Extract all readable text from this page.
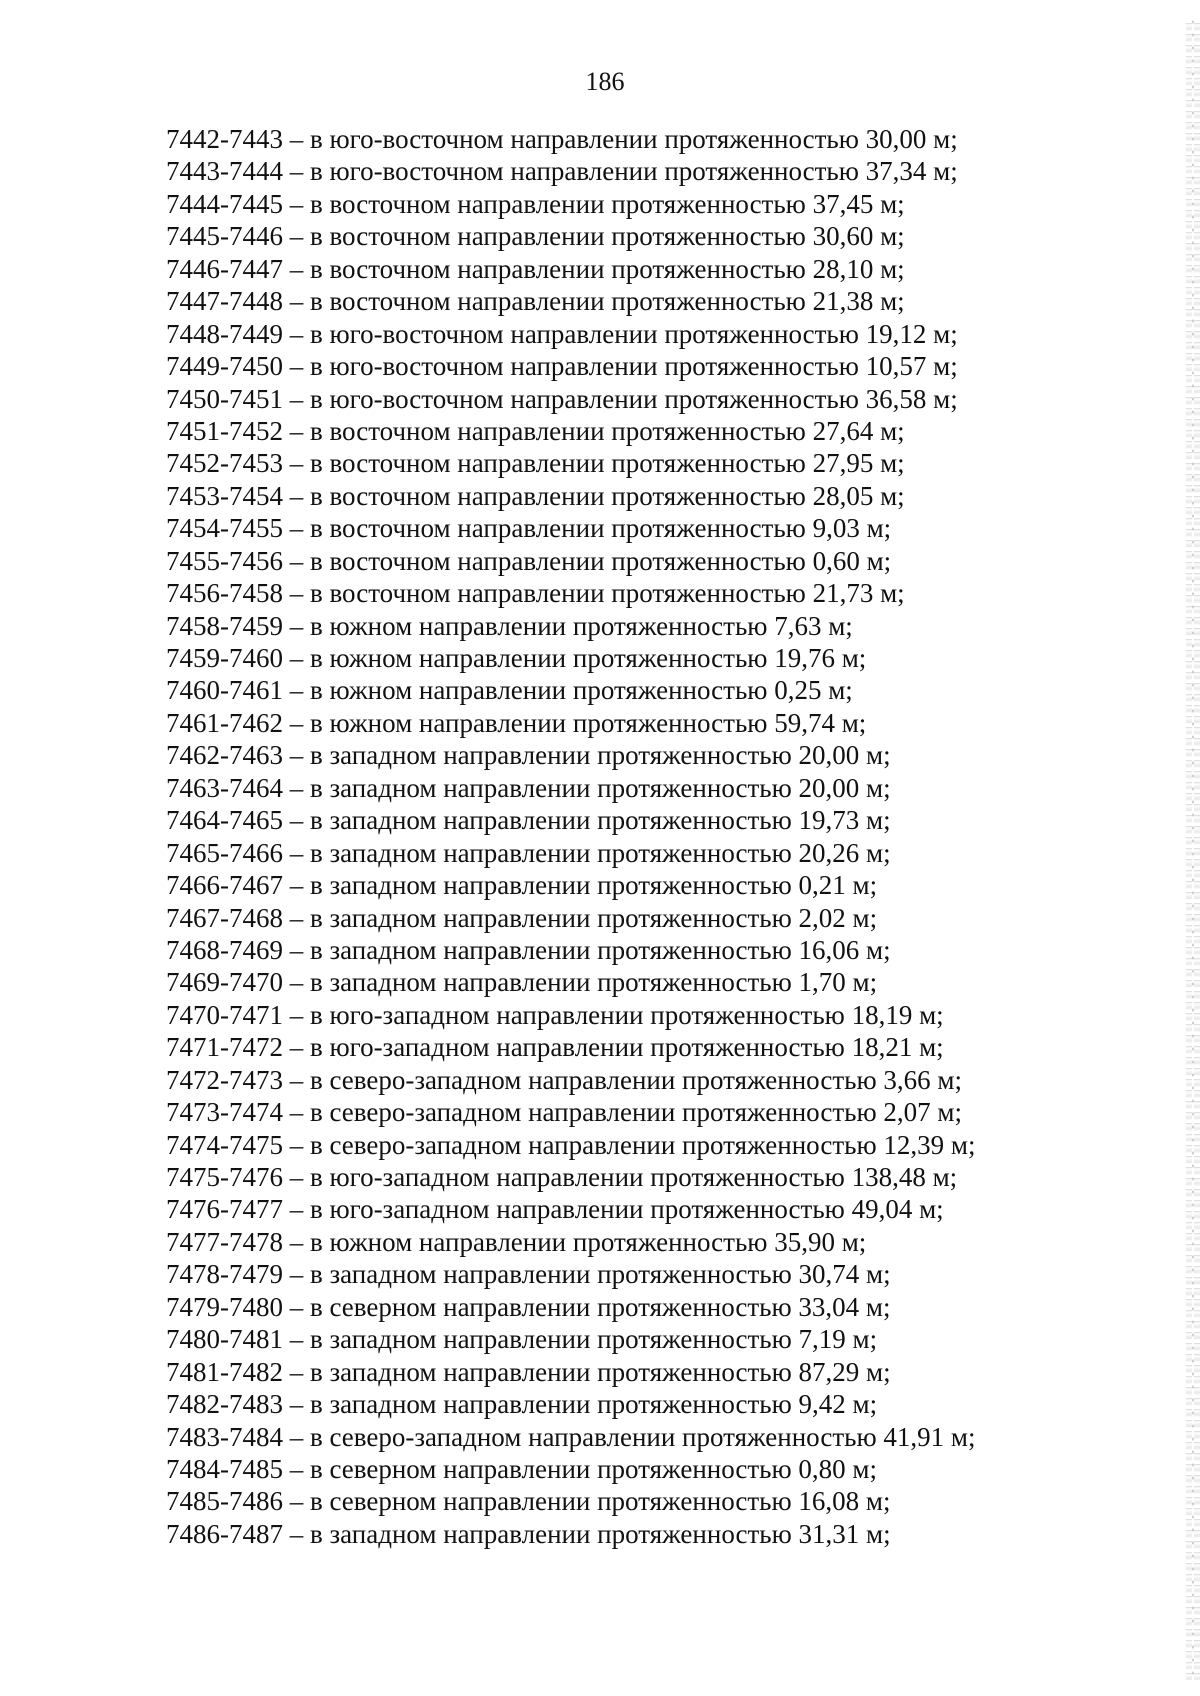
186
7442-7443 – в юго-восточном направлении протяженностью 30,00 м;
7443-7444 – в юго-восточном направлении протяженностью 37,34 м;
7444-7445 – в восточном направлении протяженностью 37,45 м;
7445-7446 – в восточном направлении протяженностью 30,60 м;
7446-7447 – в восточном направлении протяженностью 28,10 м;
7447-7448 – в восточном направлении протяженностью 21,38 м;
7448-7449 – в юго-восточном направлении протяженностью 19,12 м;
7449-7450 – в юго-восточном направлении протяженностью 10,57 м;
7450-7451 – в юго-восточном направлении протяженностью 36,58 м;
7451-7452 – в восточном направлении протяженностью 27,64 м;
7452-7453 – в восточном направлении протяженностью 27,95 м;
7453-7454 – в восточном направлении протяженностью 28,05 м;
7454-7455 – в восточном направлении протяженностью 9,03 м;
7455-7456 – в восточном направлении протяженностью 0,60 м;
7456-7458 – в восточном направлении протяженностью 21,73 м;
7458-7459 – в южном направлении протяженностью 7,63 м;
7459-7460 – в южном направлении протяженностью 19,76 м;
7460-7461 – в южном направлении протяженностью 0,25 м;
7461-7462 – в южном направлении протяженностью 59,74 м;
7462-7463 – в западном направлении протяженностью 20,00 м;
7463-7464 – в западном направлении протяженностью 20,00 м;
7464-7465 – в западном направлении протяженностью 19,73 м;
7465-7466 – в западном направлении протяженностью 20,26 м;
7466-7467 – в западном направлении протяженностью 0,21 м;
7467-7468 – в западном направлении протяженностью 2,02 м;
7468-7469 – в западном направлении протяженностью 16,06 м;
7469-7470 – в западном направлении протяженностью 1,70 м;
7470-7471 – в юго-западном направлении протяженностью 18,19 м;
7471-7472 – в юго-западном направлении протяженностью 18,21 м;
7472-7473 – в северо-западном направлении протяженностью 3,66 м;
7473-7474 – в северо-западном направлении протяженностью 2,07 м;
7474-7475 – в северо-западном направлении протяженностью 12,39 м;
7475-7476 – в юго-западном направлении протяженностью 138,48 м;
7476-7477 – в юго-западном направлении протяженностью 49,04 м;
7477-7478 – в южном направлении протяженностью 35,90 м;
7478-7479 – в западном направлении протяженностью 30,74 м;
7479-7480 – в северном направлении протяженностью 33,04 м;
7480-7481 – в западном направлении протяженностью 7,19 м;
7481-7482 – в западном направлении протяженностью 87,29 м;
7482-7483 – в западном направлении протяженностью 9,42 м;
7483-7484 – в северо-западном направлении протяженностью 41,91 м;
7484-7485 – в северном направлении протяженностью 0,80 м;
7485-7486 – в северном направлении протяженностью 16,08 м;
7486-7487 – в западном направлении протяженностью 31,31 м;
